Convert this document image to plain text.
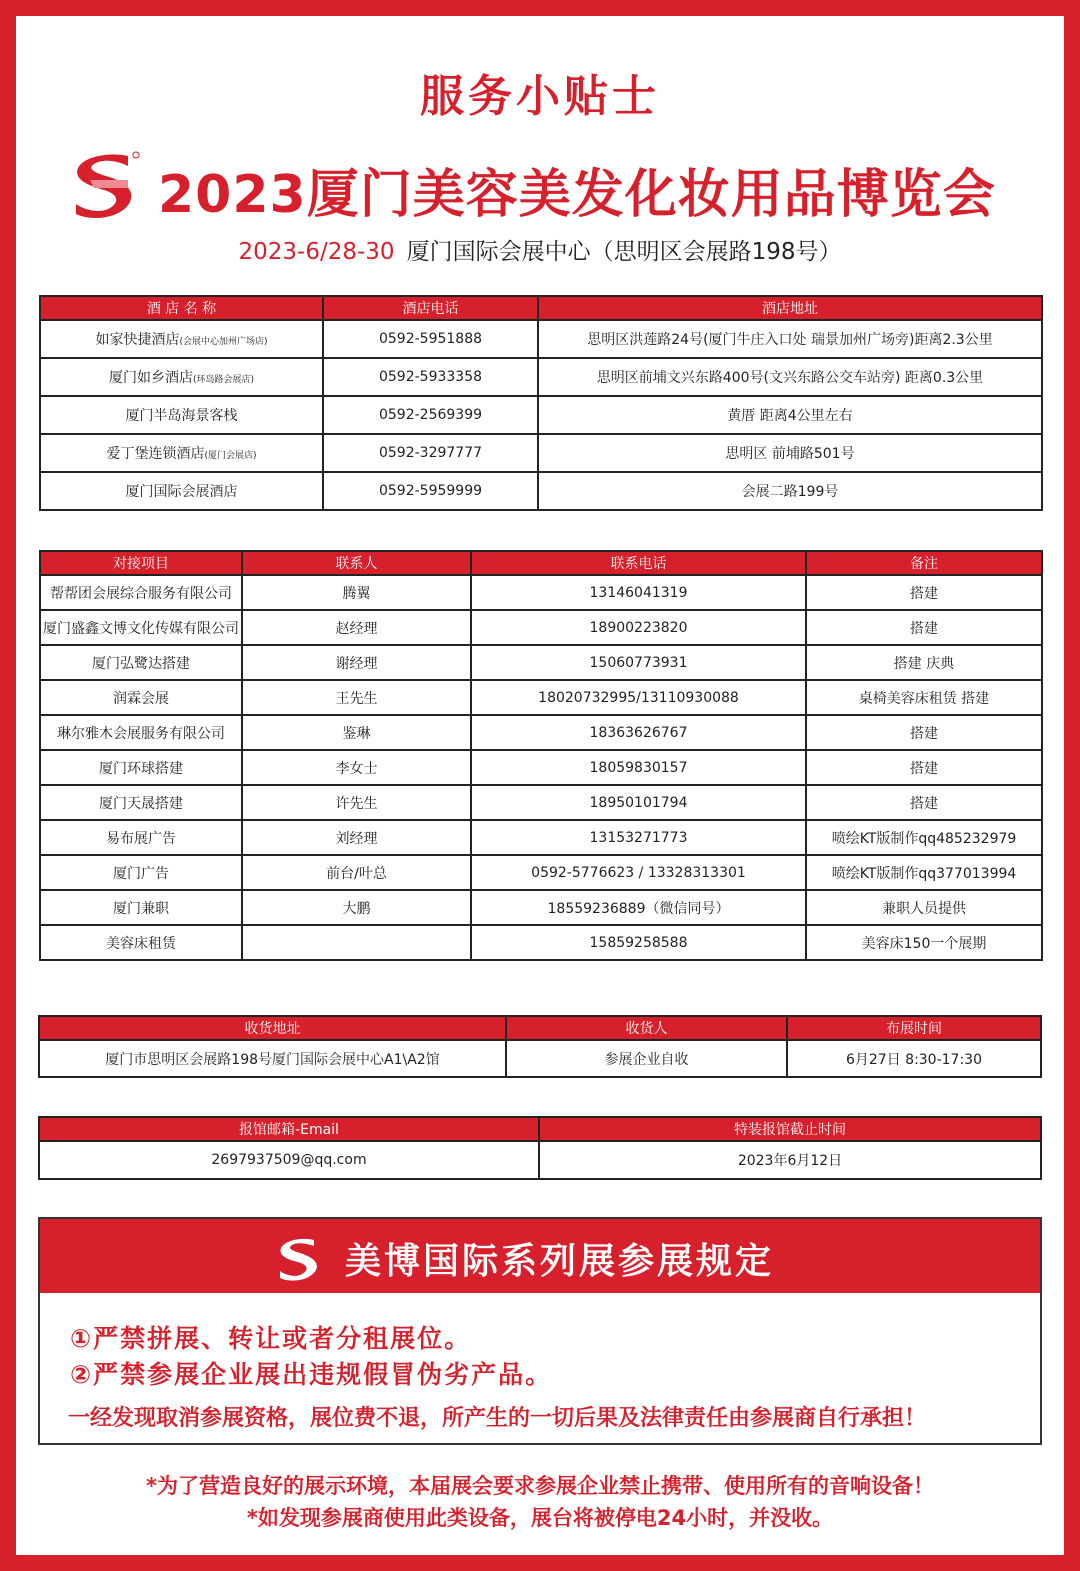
服务小贴士
2023厦门美容美发化妆用品博览会
2023-6/28-30 厦门国际会展中心（思明区会展路198号）
酒 店 名 称	酒店电话	酒店地址
如家快捷酒店(会展中心加州广场店)	0592-5951888	思明区洪莲路24号(厦门牛庄入口处 瑞景加州广场旁)距离2.3公里
厦门如乡酒店(环岛路会展店)	0592-5933358	思明区前埔文兴东路400号(文兴东路公交车站旁) 距离0.3公里
厦门半岛海景客栈	0592-2569399	黄厝 距离4公里左右
爱丁堡连锁酒店(厦门会展店)	0592-3297777	思明区 前埔路501号
厦门国际会展酒店	0592-5959999	会展二路199号
对接项目	联系人	联系电话	备注
帮帮团会展综合服务有限公司	腾翼	13146041319	搭建
厦门盛鑫文博文化传媒有限公司	赵经理	18900223820	搭建
厦门弘鹭达搭建	谢经理	15060773931	搭建 庆典
润霖会展	王先生	18020732995/13110930088	桌椅美容床租赁 搭建
琳尔雅木会展服务有限公司	鉴琳	18363626767	搭建
厦门环球搭建	李女士	18059830157	搭建
厦门天晟搭建	许先生	18950101794	搭建
易布展广告	刘经理	13153271773	喷绘KT版制作qq485232979
厦门广告	前台/叶总	0592-5776623 / 13328313301	喷绘KT版制作qq377013994
厦门兼职	大鹏	18559236889（微信同号）	兼职人员提供
美容床租赁		15859258588	美容床150一个展期
收货地址	收货人	布展时间
厦门市思明区会展路198号厦门国际会展中心A1\A2馆	参展企业自收	6月27日 8:30-17:30
报馆邮箱-Email	特装报馆截止时间
2697937509@qq.com	2023年6月12日
美博国际系列展参展规定
①严禁拼展、转让或者分租展位。
②严禁参展企业展出违规假冒伪劣产品。
一经发现取消参展资格，展位费不退，所产生的一切后果及法律责任由参展商自行承担！
*为了营造良好的展示环境，本届展会要求参展企业禁止携带、使用所有的音响设备！
*如发现参展商使用此类设备，展台将被停电24小时，并没收。
